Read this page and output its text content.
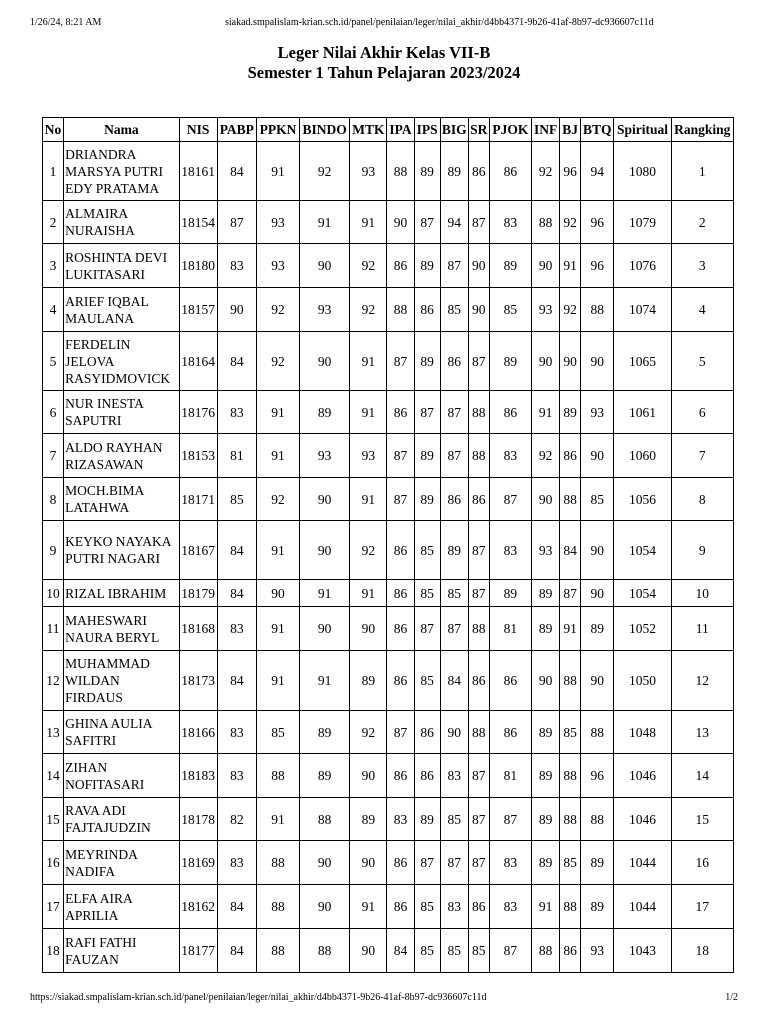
1/26/24, 8:21 AM	siakad.smpalislam-krian.sch.id/panel/penilaian/leger/nilai_akhir/d4bb4371-9b26-41af-8b97-dc936607c11d
Leger Nilai Akhir Kelas VII-B
Semester 1 Tahun Pelajaran 2023/2024
No	Nama	NIS	PABP	PPKN	BINDO	MTK	IPA	IPS	BIG	SR	PJOK	INF	BJ	BTQ	Spiritual	Rangking
1	DRIANDRA MARSYA PUTRI EDY PRATAMA	18161	84	91	92	93	88	89	89	86	86	92	96	94	1080	1
2	ALMAIRA NURAISHA	18154	87	93	91	91	90	87	94	87	83	88	92	96	1079	2
3	ROSHINTA DEVI LUKITASARI	18180	83	93	90	92	86	89	87	90	89	90	91	96	1076	3
4	ARIEF IQBAL MAULANA	18157	90	92	93	92	88	86	85	90	85	93	92	88	1074	4
5	FERDELIN JELOVA RASYIDMOVICK	18164	84	92	90	91	87	89	86	87	89	90	90	90	1065	5
6	NUR INESTA SAPUTRI	18176	83	91	89	91	86	87	87	88	86	91	89	93	1061	6
7	ALDO RAYHAN RIZASAWAN	18153	81	91	93	93	87	89	87	88	83	92	86	90	1060	7
8	MOCH.BIMA LATAHWA	18171	85	92	90	91	87	89	86	86	87	90	88	85	1056	8
9	KEYKO NAYAKA PUTRI NAGARI	18167	84	91	90	92	86	85	89	87	83	93	84	90	1054	9
10	RIZAL IBRAHIM	18179	84	90	91	91	86	85	85	87	89	89	87	90	1054	10
11	MAHESWARI NAURA BERYL	18168	83	91	90	90	86	87	87	88	81	89	91	89	1052	11
12	MUHAMMAD WILDAN FIRDAUS	18173	84	91	91	89	86	85	84	86	86	90	88	90	1050	12
13	GHINA AULIA SAFITRI	18166	83	85	89	92	87	86	90	88	86	89	85	88	1048	13
14	ZIHAN NOFITASARI	18183	83	88	89	90	86	86	83	87	81	89	88	96	1046	14
15	RAVA ADI FAJTAJUDZIN	18178	82	91	88	89	83	89	85	87	87	89	88	88	1046	15
16	MEYRINDA NADIFA	18169	83	88	90	90	86	87	87	87	83	89	85	89	1044	16
17	ELFA AIRA APRILIA	18162	84	88	90	91	86	85	83	86	83	91	88	89	1044	17
18	RAFI FATHI FAUZAN	18177	84	88	88	90	84	85	85	85	87	88	86	93	1043	18
https://siakad.smpalislam-krian.sch.id/panel/penilaian/leger/nilai_akhir/d4bb4371-9b26-41af-8b97-dc936607c11d	1/2
